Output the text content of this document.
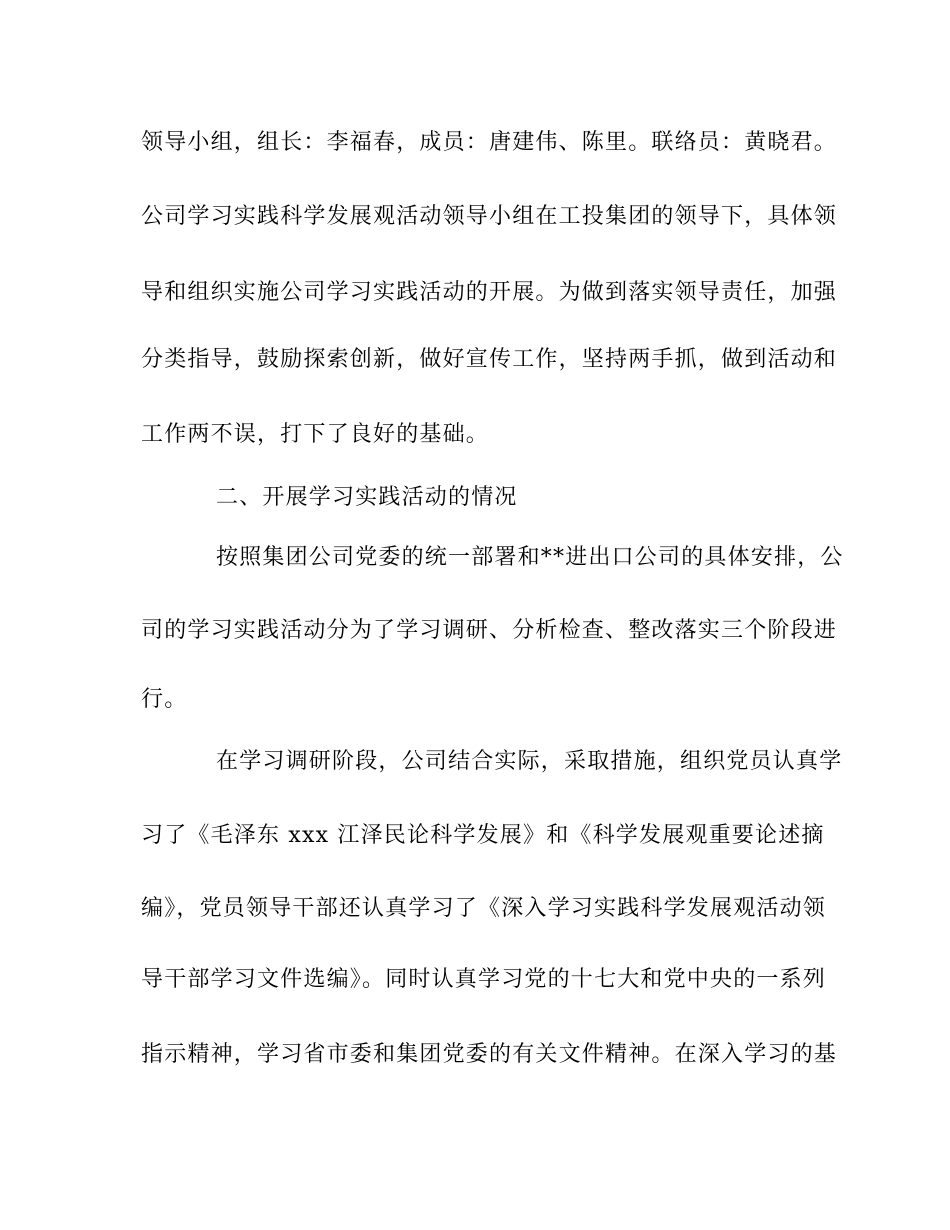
领导小组，组长：李福春，成员：唐建伟、陈里。联络员：黄晓君。
公司学习实践科学发展观活动领导小组在工投集团的领导下，具体领
导和组织实施公司学习实践活动的开展。为做到落实领导责任，加强
分类指导，鼓励探索创新，做好宣传工作，坚持两手抓，做到活动和
工作两不误，打下了良好的基础。
二、开展学习实践活动的情况
按照集团公司党委的统一部署和**进出口公司的具体安排，公
司的学习实践活动分为了学习调研、分析检查、整改落实三个阶段进
行。
在学习调研阶段，公司结合实际，采取措施，组织党员认真学
习了《毛泽东 xxx 江泽民论科学发展》和《科学发展观重要论述摘
编》，党员领导干部还认真学习了《深入学习实践科学发展观活动领
导干部学习文件选编》。同时认真学习党的十七大和党中央的一系列
指示精神，学习省市委和集团党委的有关文件精神。在深入学习的基
